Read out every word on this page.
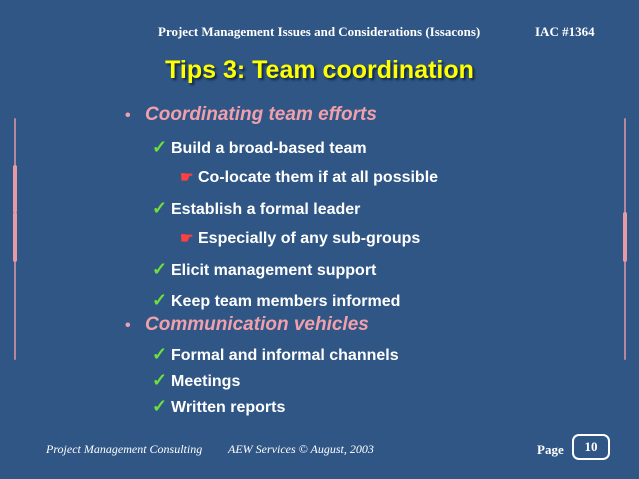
Project Management Issues and Considerations (Issacons)	IAC #1364
Tips 3: Team coordination
• Coordinating team efforts
✓ Build a broad-based team
☛ Co-locate them if at all possible
✓ Establish a formal leader
☛ Especially of any sub-groups
✓ Elicit management support
✓ Keep team members informed
• Communication vehicles
✓ Formal and informal channels
✓ Meetings
✓ Written reports
Project Management Consulting AEW Services © August, 2003	Page	10
